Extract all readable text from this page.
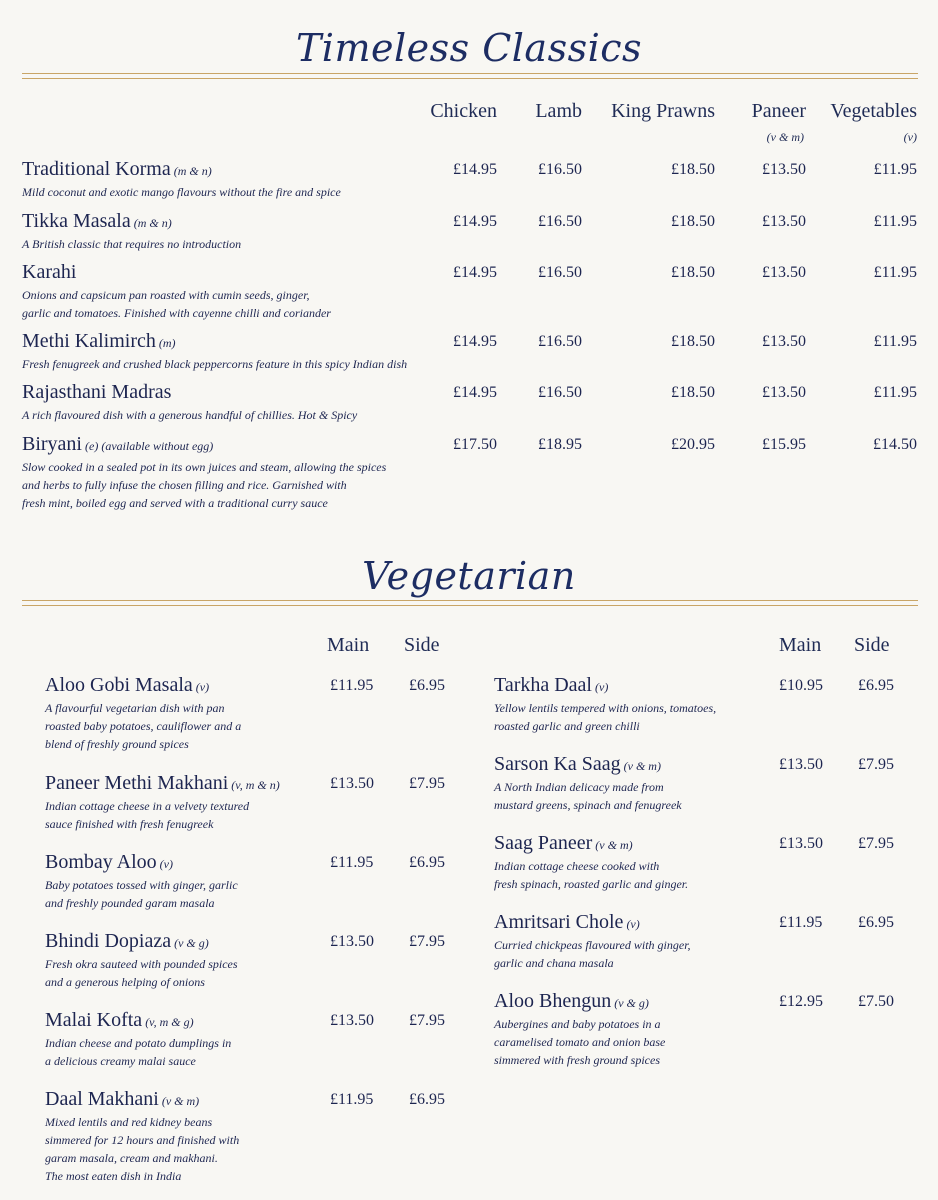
Timeless Classics
Chicken Lamb King Prawns Paneer
(v & m)
Vegetables
(v)
Traditional Korma (m & n)
Mild coconut and exotic mango flavours without the fire and spice
£14.95	£16.50	£18.50	£13.50	£11.95
Tikka Masala (m & n)
A British classic that requires no introduction
£14.95	£16.50	£18.50	£13.50	£11.95
Karahi
Onions and capsicum pan roasted with cumin seeds, ginger,
garlic and tomatoes. Finished with cayenne chilli and coriander
£14.95	£16.50	£18.50	£13.50	£11.95
Methi Kalimirch (m)
Fresh fenugreek and crushed black peppercorns feature in this spicy Indian dish
£14.95	£16.50	£18.50	£13.50	£11.95
Rajasthani Madras
A rich flavoured dish with a generous handful of chillies. Hot & Spicy
£14.95	£16.50	£18.50	£13.50	£11.95
Biryani (e) (available without egg)
Slow cooked in a sealed pot in its own juices and steam, allowing the spices
and herbs to fully infuse the chosen filling and rice. Garnished with
fresh mint, boiled egg and served with a traditional curry sauce
£17.50	£18.95	£20.95	£15.95	£14.50
Vegetarian
Main Side	Main Side
Aloo Gobi Masala (v)
A flavourful vegetarian dish with pan
roasted baby potatoes, cauliflower and a
blend of freshly ground spices
£11.95 £6.95
Paneer Methi Makhani (v, m & n)
Indian cottage cheese in a velvety textured
sauce finished with fresh fenugreek
£13.50 £7.95
Bombay Aloo (v)
Baby potatoes tossed with ginger, garlic
and freshly pounded garam masala
£11.95 £6.95
Bhindi Dopiaza (v & g)
Fresh okra sauteed with pounded spices
and a generous helping of onions
£13.50 £7.95
Malai Kofta (v, m & g)
Indian cheese and potato dumplings in
a delicious creamy malai sauce
£13.50 £7.95
Daal Makhani (v & m)
Mixed lentils and red kidney beans
simmered for 12 hours and finished with
garam masala, cream and makhani.
The most eaten dish in India
£11.95 £6.95
Tarkha Daal (v)
Yellow lentils tempered with onions, tomatoes,
roasted garlic and green chilli
£10.95 £6.95
Sarson Ka Saag (v & m)
A North Indian delicacy made from
mustard greens, spinach and fenugreek
£13.50 £7.95
Saag Paneer (v & m)
Indian cottage cheese cooked with
fresh spinach, roasted garlic and ginger.
£13.50 £7.95
Amritsari Chole (v)
Curried chickpeas flavoured with ginger,
garlic and chana masala
£11.95 £6.95
Aloo Bhengun (v & g)
Aubergines and baby potatoes in a
caramelised tomato and onion base
simmered with fresh ground spices
£12.95 £7.50
